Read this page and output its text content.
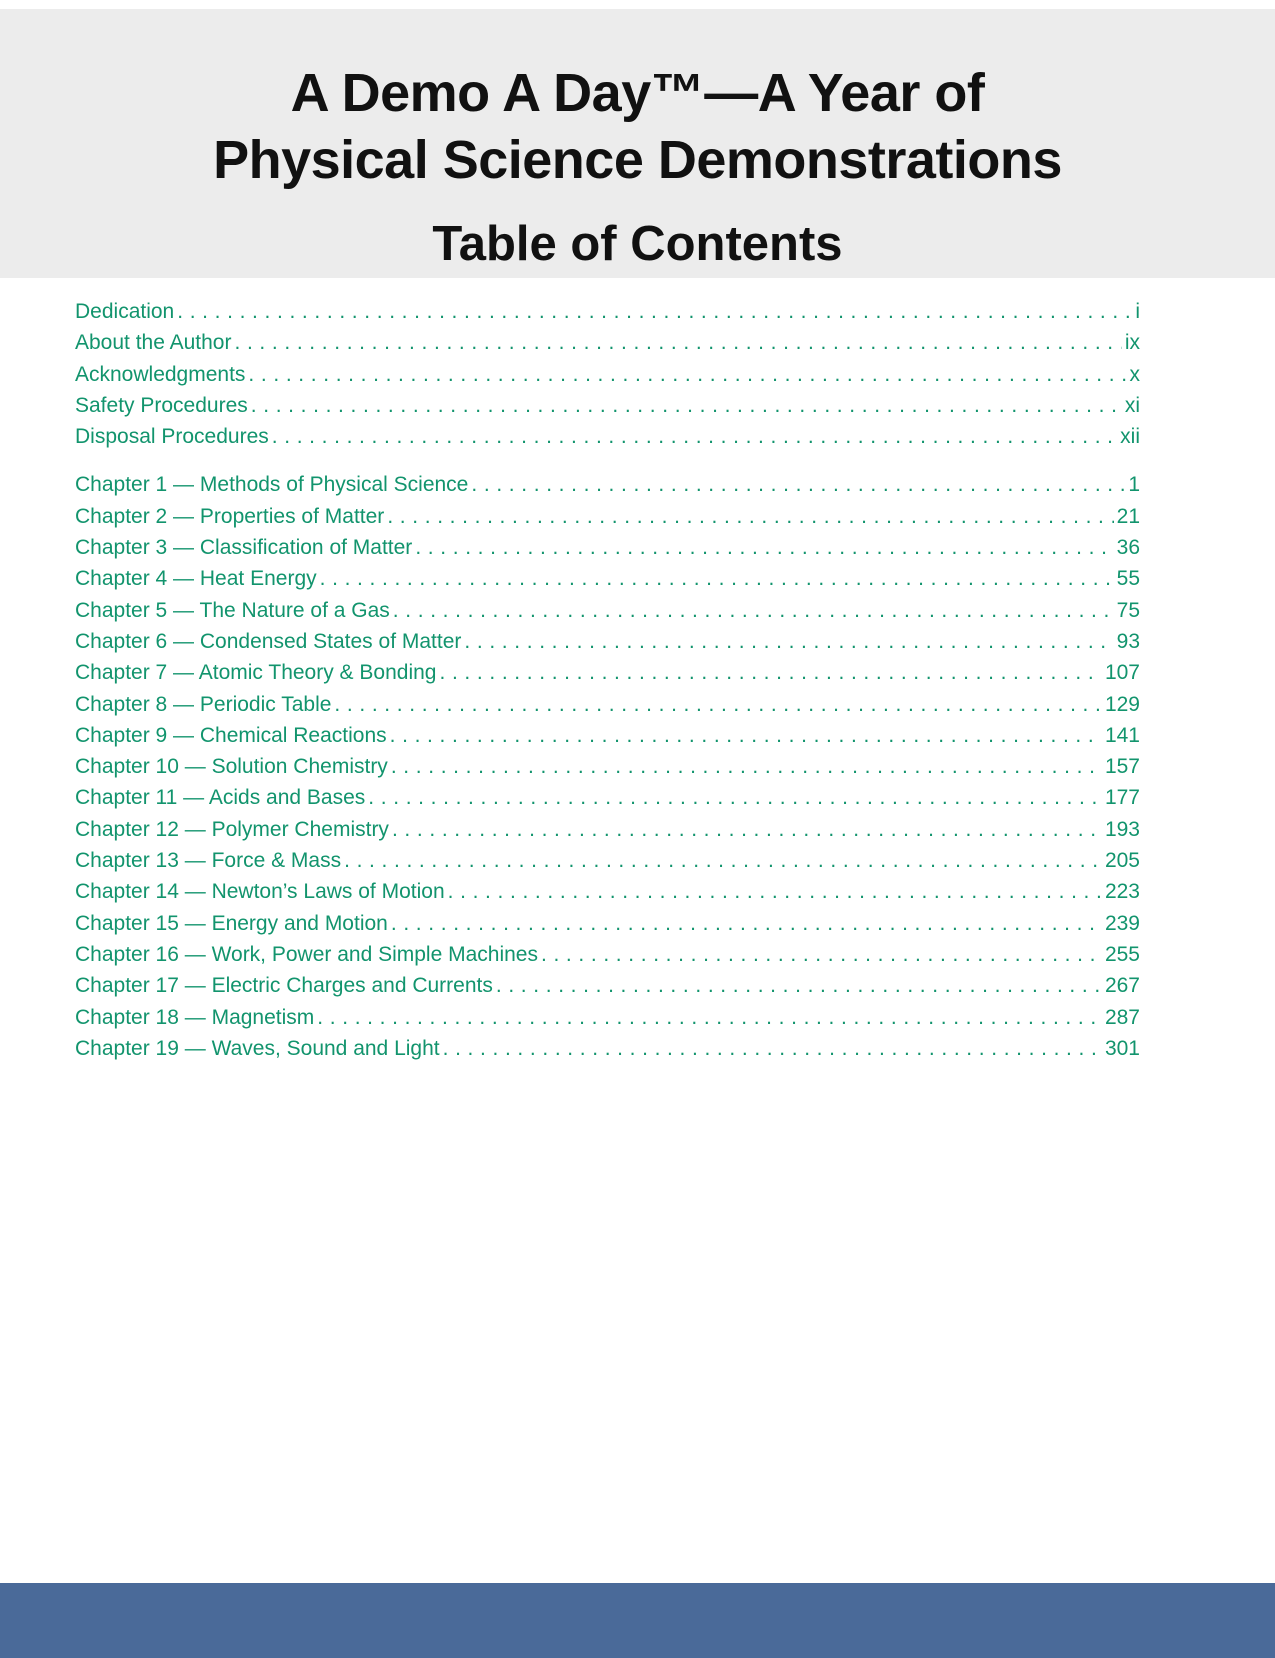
A Demo A Day™—A Year of
Physical Science Demonstrations
Table of Contents
Dedication . . .	i
About the Author . . .	ix
Acknowledgments . . .	x
Safety Procedures . . .	xi
Disposal Procedures . . .	xii
Chapter 1 — Methods of Physical Science . . .	1
Chapter 2 — Properties of Matter . . .	21
Chapter 3 — Classification of Matter . . .	36
Chapter 4 — Heat Energy . . .	55
Chapter 5 — The Nature of a Gas . . .	75
Chapter 6 — Condensed States of Matter . . .	93
Chapter 7 — Atomic Theory & Bonding . . .	107
Chapter 8 — Periodic Table . . .	129
Chapter 9 — Chemical Reactions . . .	141
Chapter 10 — Solution Chemistry . . .	157
Chapter 11 — Acids and Bases . . .	177
Chapter 12 — Polymer Chemistry . . .	193
Chapter 13 — Force & Mass . . .	205
Chapter 14 — Newton’s Laws of Motion . . .	223
Chapter 15 — Energy and Motion . . .	239
Chapter 16 — Work, Power and Simple Machines . . .	255
Chapter 17 — Electric Charges and Currents . . .	267
Chapter 18 — Magnetism . . .	287
Chapter 19 — Waves, Sound and Light . . .	301
